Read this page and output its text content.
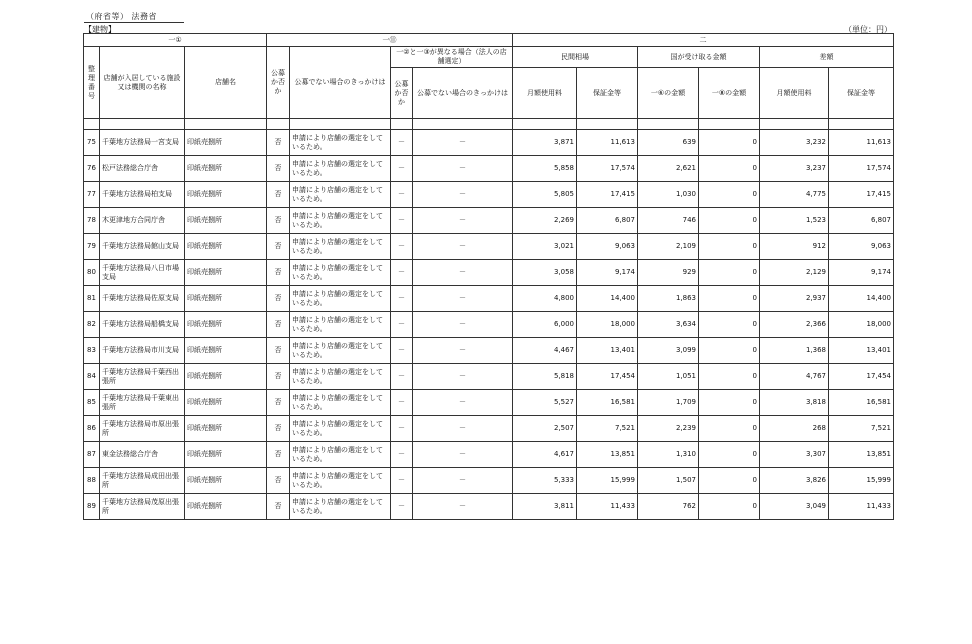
（府省等） 法務省
【建物】	（単位：円）
一①			一⑪				二					
整理番号	店舗が入居している施設又は機関の名称	店舗名	公募か否か	公募でない場合のきっかけは	一②と一③が異なる場合（法人の店舗選定）		民間相場		国が受け取る金額		差額	
					公募か否か	公募でない場合のきっかけは	月額使用料	保証金等	一⑥の金額	一⑧の金額	月額使用料	保証金等

75	千葉地方法務局一宮支局	印紙売捌所	否	申請により店舗の選定をしているため。	－	－	3,871	11,613	639	0	3,232	11,613
76	松戸法務総合庁舎	印紙売捌所	否	申請により店舗の選定をしているため。	－	－	5,858	17,574	2,621	0	3,237	17,574
77	千葉地方法務局柏支局	印紙売捌所	否	申請により店舗の選定をしているため。	－	－	5,805	17,415	1,030	0	4,775	17,415
78	木更津地方合同庁舎	印紙売捌所	否	申請により店舗の選定をしているため。	－	－	2,269	6,807	746	0	1,523	6,807
79	千葉地方法務局館山支局	印紙売捌所	否	申請により店舗の選定をしているため。	－	－	3,021	9,063	2,109	0	912	9,063
80	千葉地方法務局八日市場支局	印紙売捌所	否	申請により店舗の選定をしているため。	－	－	3,058	9,174	929	0	2,129	9,174
81	千葉地方法務局佐原支局	印紙売捌所	否	申請により店舗の選定をしているため。	－	－	4,800	14,400	1,863	0	2,937	14,400
82	千葉地方法務局船橋支局	印紙売捌所	否	申請により店舗の選定をしているため。	－	－	6,000	18,000	3,634	0	2,366	18,000
83	千葉地方法務局市川支局	印紙売捌所	否	申請により店舗の選定をしているため。	－	－	4,467	13,401	3,099	0	1,368	13,401
84	千葉地方法務局千葉西出張所	印紙売捌所	否	申請により店舗の選定をしているため。	－	－	5,818	17,454	1,051	0	4,767	17,454
85	千葉地方法務局千葉東出張所	印紙売捌所	否	申請により店舗の選定をしているため。	－	－	5,527	16,581	1,709	0	3,818	16,581
86	千葉地方法務局市原出張所	印紙売捌所	否	申請により店舗の選定をしているため。	－	－	2,507	7,521	2,239	0	268	7,521
87	東金法務総合庁舎	印紙売捌所	否	申請により店舗の選定をしているため。	－	－	4,617	13,851	1,310	0	3,307	13,851
88	千葉地方法務局成田出張所	印紙売捌所	否	申請により店舗の選定をしているため。	－	－	5,333	15,999	1,507	0	3,826	15,999
89	千葉地方法務局茂原出張所	印紙売捌所	否	申請により店舗の選定をしているため。	－	－	3,811	11,433	762	0	3,049	11,433
